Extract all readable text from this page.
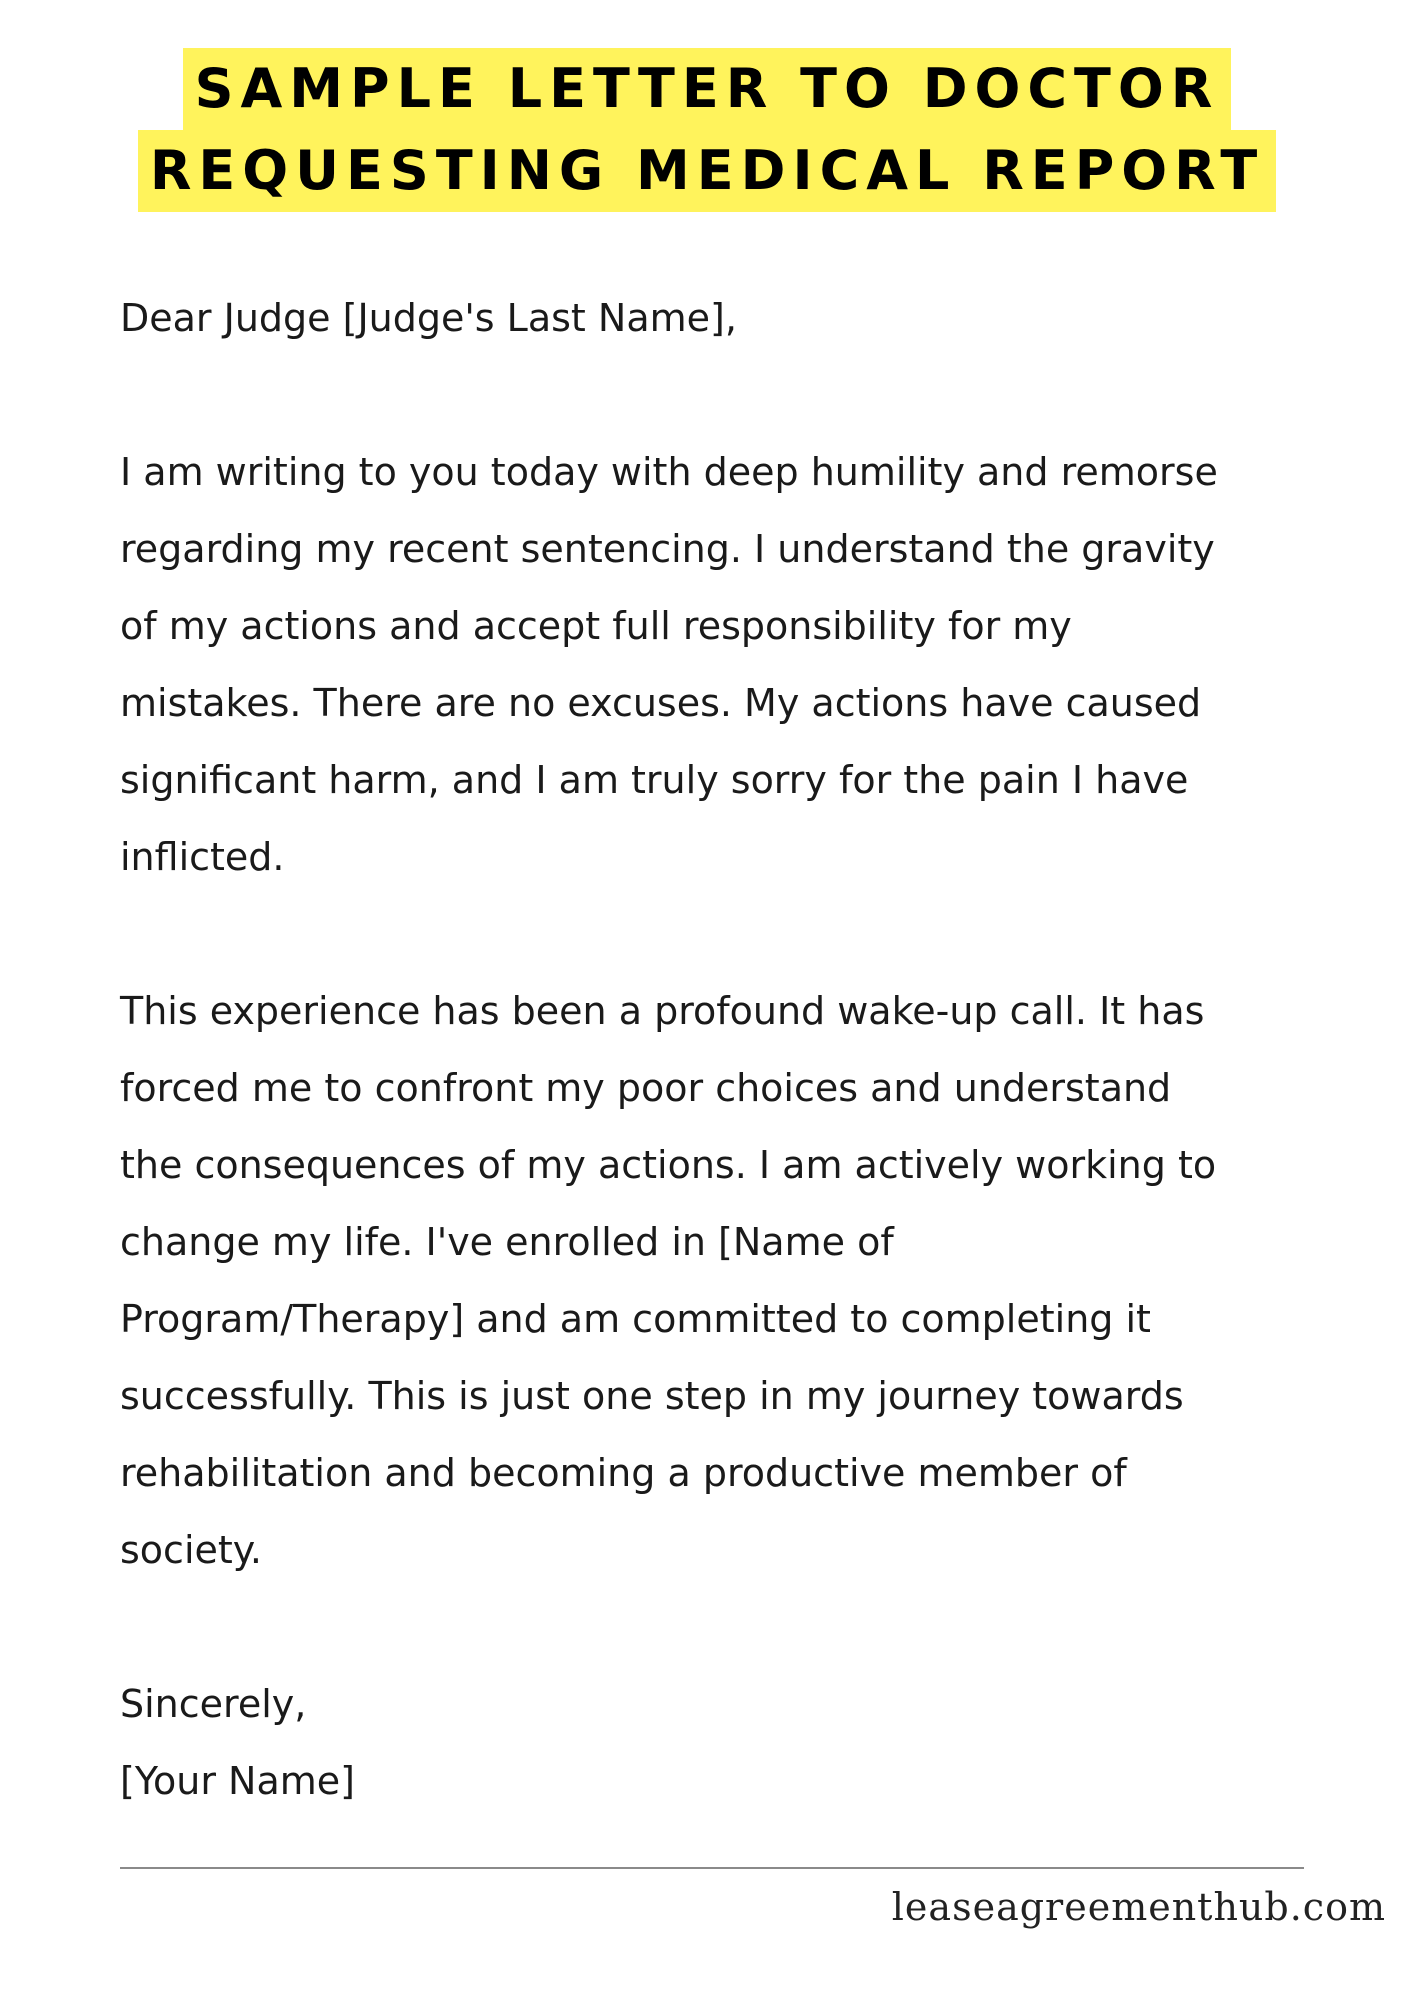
SAMPLE LETTER TO DOCTOR
REQUESTING MEDICAL REPORT

Dear Judge [Judge's Last Name],

I am writing to you today with deep humility and remorse
regarding my recent sentencing. I understand the gravity
of my actions and accept full responsibility for my
mistakes. There are no excuses. My actions have caused
significant harm, and I am truly sorry for the pain I have
inflicted.
This experience has been a profound wake-up call. It has
forced me to confront my poor choices and understand
the consequences of my actions. I am actively working to
change my life. I've enrolled in [Name of
Program/Therapy] and am committed to completing it
successfully. This is just one step in my journey towards
rehabilitation and becoming a productive member of
society.

Sincerely,

[Your Name]

leaseagreementhub.com
